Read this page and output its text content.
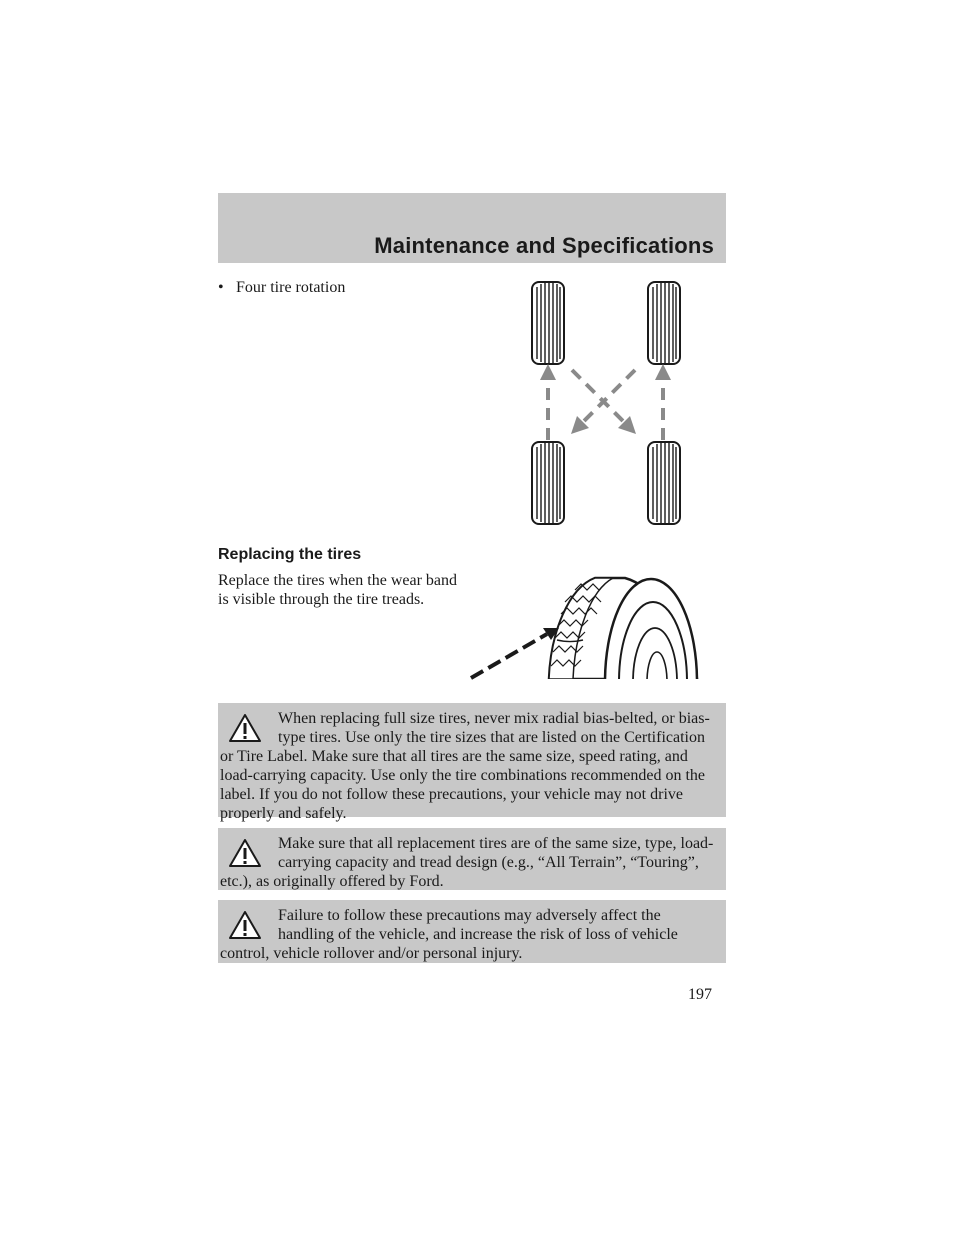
Maintenance and Specifications
• Four tire rotation
Replacing the tires
Replace the tires when the wear band is visible through the tire treads.

When replacing full size tires, never mix radial bias-belted, or bias-type tires. Use only the tire sizes that are listed on the Certification or Tire Label. Make sure that all tires are the same size, speed rating, and load-carrying capacity. Use only the tire combinations recommended on the label. If you do not follow these precautions, your vehicle may not drive properly and safely.

Make sure that all replacement tires are of the same size, type, load-carrying capacity and tread design (e.g., “All Terrain”, “Touring”, etc.), as originally offered by Ford.

Failure to follow these precautions may adversely affect the handling of the vehicle, and increase the risk of loss of vehicle control, vehicle rollover and/or personal injury.

197
